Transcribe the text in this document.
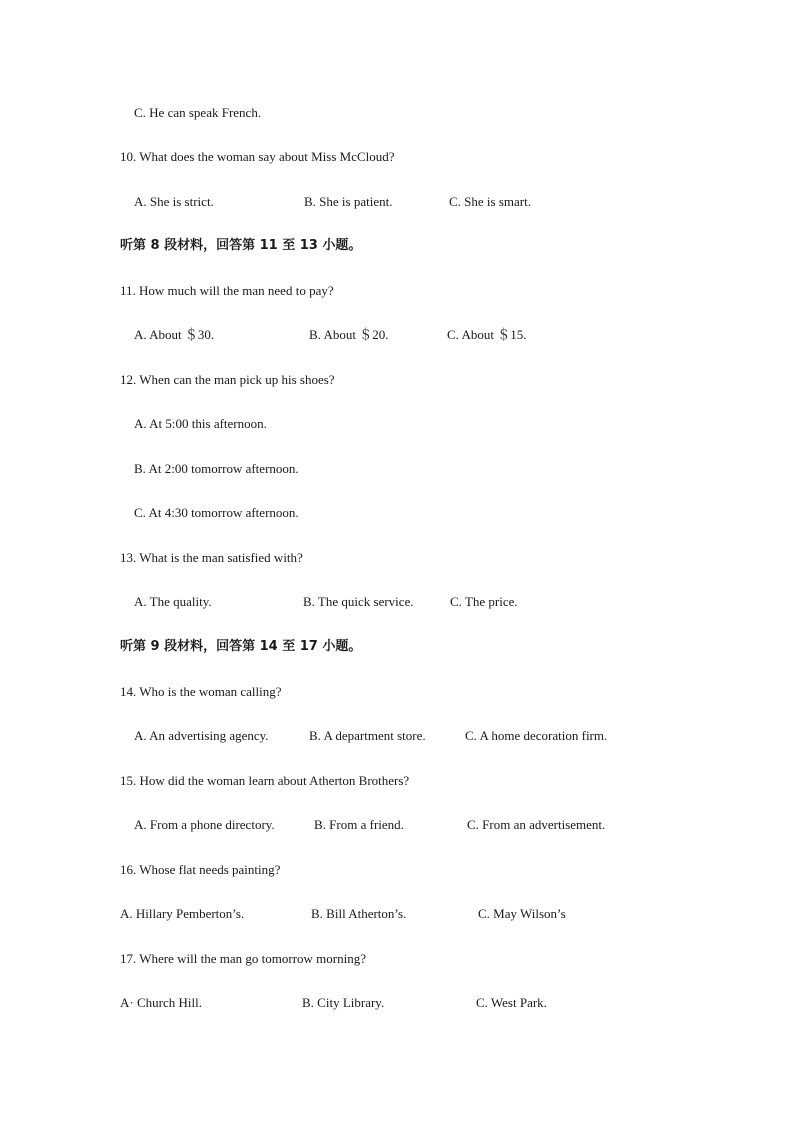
C. He can speak French.
10. What does the woman say about Miss McCloud?
A. She is strict.	B. She is patient.	C. She is smart.
听第 8 段材料，回答第 11 至 13 小题。
11. How much will the man need to pay?
A. About ＄30.	B. About ＄20.	C. About ＄15.
12. When can the man pick up his shoes?
A. At 5:00 this afternoon.
B. At 2:00 tomorrow afternoon.
C. At 4:30 tomorrow afternoon.
13. What is the man satisfied with?
A. The quality.	B. The quick service.	C. The price.
听第 9 段材料，回答第 14 至 17 小题。
14. Who is the woman calling?
A. An advertising agency.	B. A department store.	C. A home decoration firm.
15. How did the woman learn about Atherton Brothers?
A. From a phone directory.	B. From a friend.	C. From an advertisement.
16. Whose flat needs painting?
A. Hillary Pemberton’s.	B. Bill Atherton’s.	C. May Wilson’s
17. Where will the man go tomorrow morning?
A· Church Hill.	B. City Library.	C. West Park.
